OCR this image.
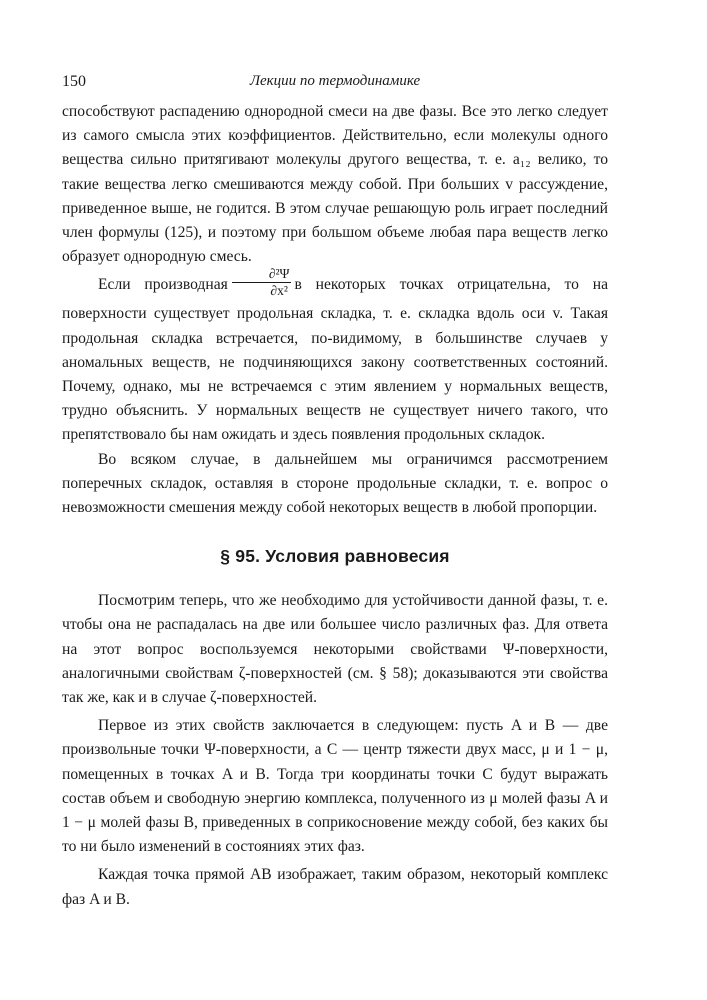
150	Лекции по термодинамике

способствуют распадению однородной смеси на две фазы. Все это легко следует из самого смысла этих коэффициентов. Действительно, если молекулы одного вещества сильно притягивают молекулы другого вещества, т. е. a₁₂ велико, то такие вещества легко смешиваются между собой. При больших v рассуждение, приведенное выше, не годится. В этом случае решающую роль играет последний член формулы (125), и поэтому при большом объеме любая пара веществ легко образует однородную смесь.

Если производная $\frac{\text{∂²Ψ}}{\text{∂x²}}$ в некоторых точках отрицательна, то на поверхности существует продольная складка, т. е. складка вдоль оси v. Такая продольная складка встречается, по-видимому, в большинстве случаев у аномальных веществ, не подчиняющихся закону соответственных состояний. Почему, однако, мы не встречаемся с этим явлением у нормальных веществ, трудно объяснить. У нормальных веществ не существует ничего такого, что препятствовало бы нам ожидать и здесь появления продольных складок.

Во всяком случае, в дальнейшем мы ограничимся рассмотрением поперечных складок, оставляя в стороне продольные складки, т. е. вопрос о невозможности смешения между собой некоторых веществ в любой пропорции.

§ 95. Условия равновесия

Посмотрим теперь, что же необходимо для устойчивости данной фазы, т. е. чтобы она не распадалась на две или большее число различных фаз. Для ответа на этот вопрос воспользуемся некоторыми свойствами Ψ-поверхности, аналогичными свойствам ζ-поверхностей (см. § 58); доказываются эти свойства так же, как и в случае ζ-поверхностей.

Первое из этих свойств заключается в следующем: пусть A и B — две произвольные точки Ψ-поверхности, а C — центр тяжести двух масс, μ и 1 − μ, помещенных в точках A и B. Тогда три координаты точки C будут выражать состав объем и свободную энергию комплекса, полученного из μ молей фазы A и 1 − μ молей фазы B, приведенных в соприкосновение между собой, без каких бы то ни было изменений в состояниях этих фаз.

Каждая точка прямой AB изображает, таким образом, некоторый комплекс фаз A и B.
